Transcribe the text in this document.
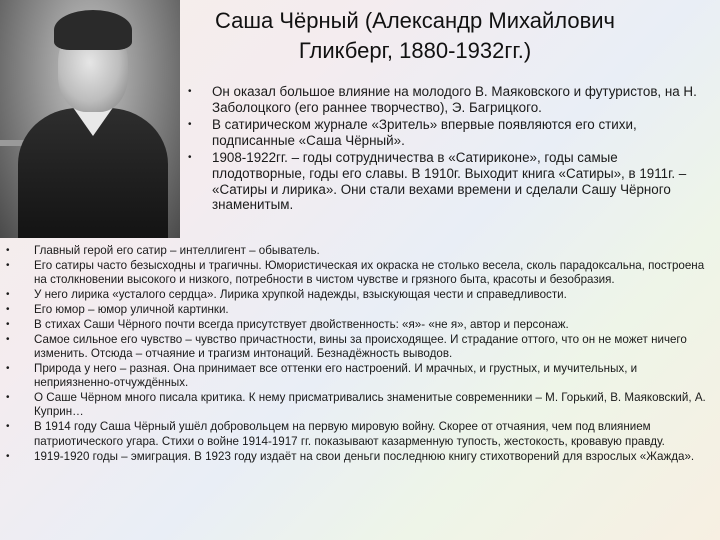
Саша Чёрный (Александр Михайлович
Гликберг, 1880-1932гг.)
• Он оказал большое влияние на молодого В. Маяковского и футуристов, на Н. Заболоцкого (его раннее творчество), Э. Багрицкого.
• В сатирическом журнале «Зритель» впервые появляются его стихи, подписанные «Саша Чёрный».
• 1908-1922гг. – годы сотрудничества в «Сатириконе», годы самые плодотворные, годы его славы. В 1910г. Выходит книга «Сатиры», в 1911г. – «Сатиры и лирика». Они стали вехами времени и сделали Сашу Чёрного знаменитым.
• Главный герой его сатир – интеллигент – обыватель.
• Его сатиры часто безысходны и трагичны. Юмористическая их окраска не столько весела, сколь парадоксальна, построена на столкновении высокого и низкого, потребности в чистом чувстве и грязного быта, красоты и безобразия.
• У него лирика «усталого сердца». Лирика хрупкой надежды, взыскующая чести и справедливости.
• Его юмор – юмор уличной картинки.
• В стихах Саши Чёрного почти всегда присутствует двойственность: «я»- «не я», автор и персонаж.
• Самое сильное его чувство – чувство причастности, вины за происходящее. И страдание оттого, что он не может ничего изменить. Отсюда – отчаяние и трагизм интонаций. Безнадёжность выводов.
• Природа у него – разная. Она принимает все оттенки его настроений. И мрачных, и грустных, и мучительных, и неприязненно-отчуждённых.
• О Саше Чёрном много писала критика. К нему присматривались знаменитые современники – М. Горький, В. Маяковский, А. Куприн…
• В 1914 году Саша Чёрный ушёл добровольцем на первую мировую войну. Скорее от отчаяния, чем под влиянием патриотического угара. Стихи о войне 1914-1917 гг. показывают казарменную тупость, жестокость, кровавую правду.
• 1919-1920 годы – эмиграция. В 1923 году издаёт на свои деньги последнюю книгу стихотворений для взрослых «Жажда».
